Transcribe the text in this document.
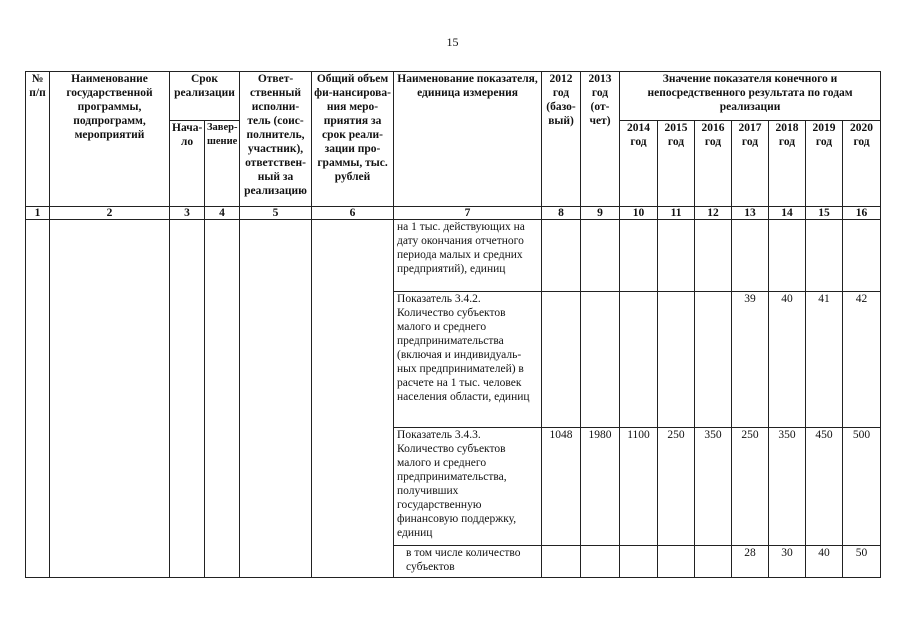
15
№ п/п	Наименование государственной программы, подпрограмм, мероприятий	Срок реализации		Ответ-ственный исполни-тель (соис-полнитель, участник), ответствен-ный за реализацию	Общий объем фи-нансирова-ния меро-приятия за срок реали-зации про-граммы, тыс. рублей	Наименование показателя, единица измерения	2012 год (базо-вый)	2013 год (от-чет)	Значение показателя конечного и непосредственного результата по годам реализации						
		Нача-ло	Завер-шение						2014 год	2015 год	2016 год	2017 год	2018 год	2019 год	2020 год
1	2	3	4	5	6	7	8	9	10	11	12	13	14	15	16
						на 1 тыс. действующих на дату окончания отчетного периода малых и средних предприятий), единиц									
						Показатель 3.4.2. Количество субъектов малого и среднего предпринимательства (включая и индивидуаль-ных предпринимателей) в расчете на 1 тыс. человек населения области, единиц						39	40	41	42
						Показатель 3.4.3. Количество субъектов малого и среднего предпринимательства, получивших государственную финансовую поддержку, единиц	1048	1980	1100	250	350	250	350	450	500
						в том числе количество субъектов						28	30	40	50
